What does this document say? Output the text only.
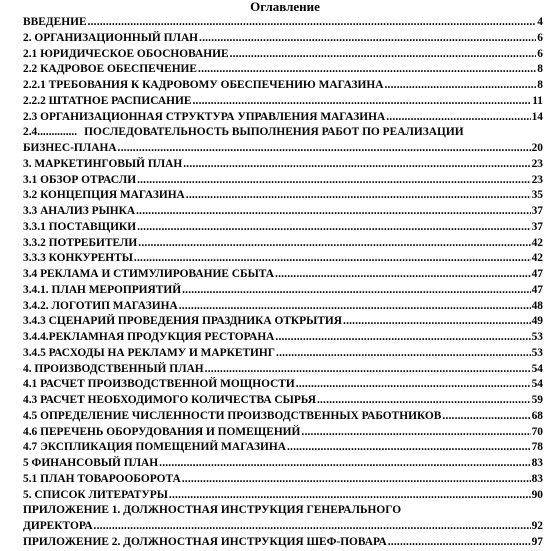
Оглавление
ВВЕДЕНИЕ .....	4
2. ОРГАНИЗАЦИОННЫЙ ПЛАН .....	6
2.1 ЮРИДИЧЕСКОЕ ОБОСНОВАНИЕ .....	6
2.2 КАДРОВОЕ ОБЕСПЕЧЕНИЕ .....	8
2.2.1 ТРЕБОВАНИЯ К КАДРОВОМУ ОБЕСПЕЧЕНИЮ МАГАЗИНА .....	8
2.2.2 ШТАТНОЕ РАСПИСАНИЕ .....	11
2.3 ОРГАНИЗАЦИОННАЯ СТРУКТУРА УПРАВЛЕНИЯ МАГАЗИНА .....	14
2.4.............. ПОСЛЕДОВАТЕЛЬНОСТЬ ВЫПОЛНЕНИЯ РАБОТ ПО РЕАЛИЗАЦИИ
БИЗНЕС-ПЛАНА .....	20
3. МАРКЕТИНГОВЫЙ ПЛАН .....	23
3.1 ОБЗОР ОТРАСЛИ .....	23
3.2 КОНЦЕПЦИЯ МАГАЗИНА .....	35
3.3 АНАЛИЗ РЫНКА .....	37
3.3.1 ПОСТАВЩИКИ .....	37
3.3.2 ПОТРЕБИТЕЛИ .....	42
3.3.3 КОНКУРЕНТЫ .....	42
3.4 РЕКЛАМА И СТИМУЛИРОВАНИЕ СБЫТА .....	47
3.4.1. ПЛАН МЕРОПРИЯТИЙ .....	47
3.4.2. ЛОГОТИП МАГАЗИНА .....	48
3.4.3 СЦЕНАРИЙ ПРОВЕДЕНИЯ ПРАЗДНИКА ОТКРЫТИЯ .....	49
3.4.4.РЕКЛАМНАЯ ПРОДУКЦИЯ РЕСТОРАНА .....	53
3.4.5 РАСХОДЫ НА РЕКЛАМУ И МАРКЕТИНГ .....	53
4. ПРОИЗВОДСТВЕННЫЙ ПЛАН .....	54
4.1 РАСЧЕТ ПРОИЗВОДСТВЕННОЙ МОЩНОСТИ .....	54
4.3 РАСЧЕТ НЕОБХОДИМОГО КОЛИЧЕСТВА СЫРЬЯ .....	59
4.5 ОПРЕДЕЛЕНИЕ ЧИСЛЕННОСТИ ПРОИЗВОДСТВЕННЫХ РАБОТНИКОВ .....	68
4.6 ПЕРЕЧЕНЬ ОБОРУДОВАНИЯ И ПОМЕЩЕНИЙ .....	70
4.7 ЭКСПЛИКАЦИЯ ПОМЕЩЕНИЙ МАГАЗИНА .....	78
5 ФИНАНСОВЫЙ ПЛАН .....	83
5.1 ПЛАН ТОВАРООБОРОТА .....	83
5. СПИСОК ЛИТЕРАТУРЫ .....	90
ПРИЛОЖЕНИЕ 1. ДОЛЖНОСТНАЯ ИНСТРУКЦИЯ ГЕНЕРАЛЬНОГО
ДИРЕКТОРА .....	92
ПРИЛОЖЕНИЕ 2. ДОЛЖНОСТНАЯ ИНСТРУКЦИЯ ШЕФ-ПОВАРА .....	97
